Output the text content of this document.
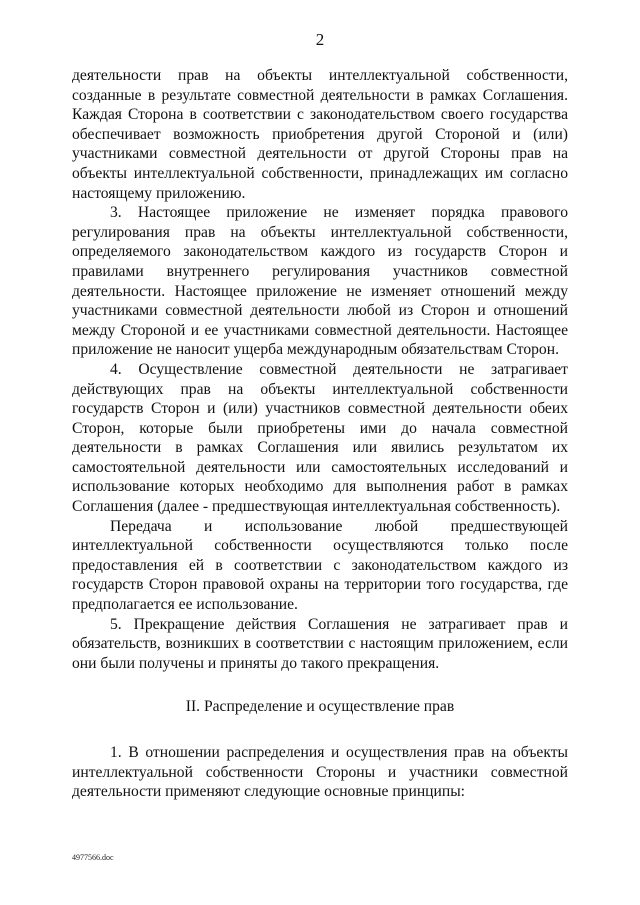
2

деятельности прав на объекты интеллектуальной собственности, созданные в результате совместной деятельности в рамках Соглашения. Каждая Сторона в соответствии с законодательством своего государства обеспечивает возможность приобретения другой Стороной и (или) участниками совместной деятельности от другой Стороны прав на объекты интеллектуальной собственности, принадлежащих им согласно настоящему приложению.

3. Настоящее приложение не изменяет порядка правового регулирования прав на объекты интеллектуальной собственности, определяемого законодательством каждого из государств Сторон и правилами внутреннего регулирования участников совместной деятельности. Настоящее приложение не изменяет отношений между участниками совместной деятельности любой из Сторон и отношений между Стороной и ее участниками совместной деятельности. Настоящее приложение не наносит ущерба международным обязательствам Сторон.

4. Осуществление совместной деятельности не затрагивает действующих прав на объекты интеллектуальной собственности государств Сторон и (или) участников совместной деятельности обеих Сторон, которые были приобретены ими до начала совместной деятельности в рамках Соглашения или явились результатом их самостоятельной деятельности или самостоятельных исследований и использование которых необходимо для выполнения работ в рамках Соглашения (далее - предшествующая интеллектуальная собственность).

Передача и использование любой предшествующей интеллектуальной собственности осуществляются только после предоставления ей в соответствии с законодательством каждого из государств Сторон правовой охраны на территории того государства, где предполагается ее использование.

5. Прекращение действия Соглашения не затрагивает прав и обязательств, возникших в соответствии с настоящим приложением, если они были получены и приняты до такого прекращения.

II. Распределение и осуществление прав

1. В отношении распределения и осуществления прав на объекты интеллектуальной собственности Стороны и участники совместной деятельности применяют следующие основные принципы:

4977566.doc
